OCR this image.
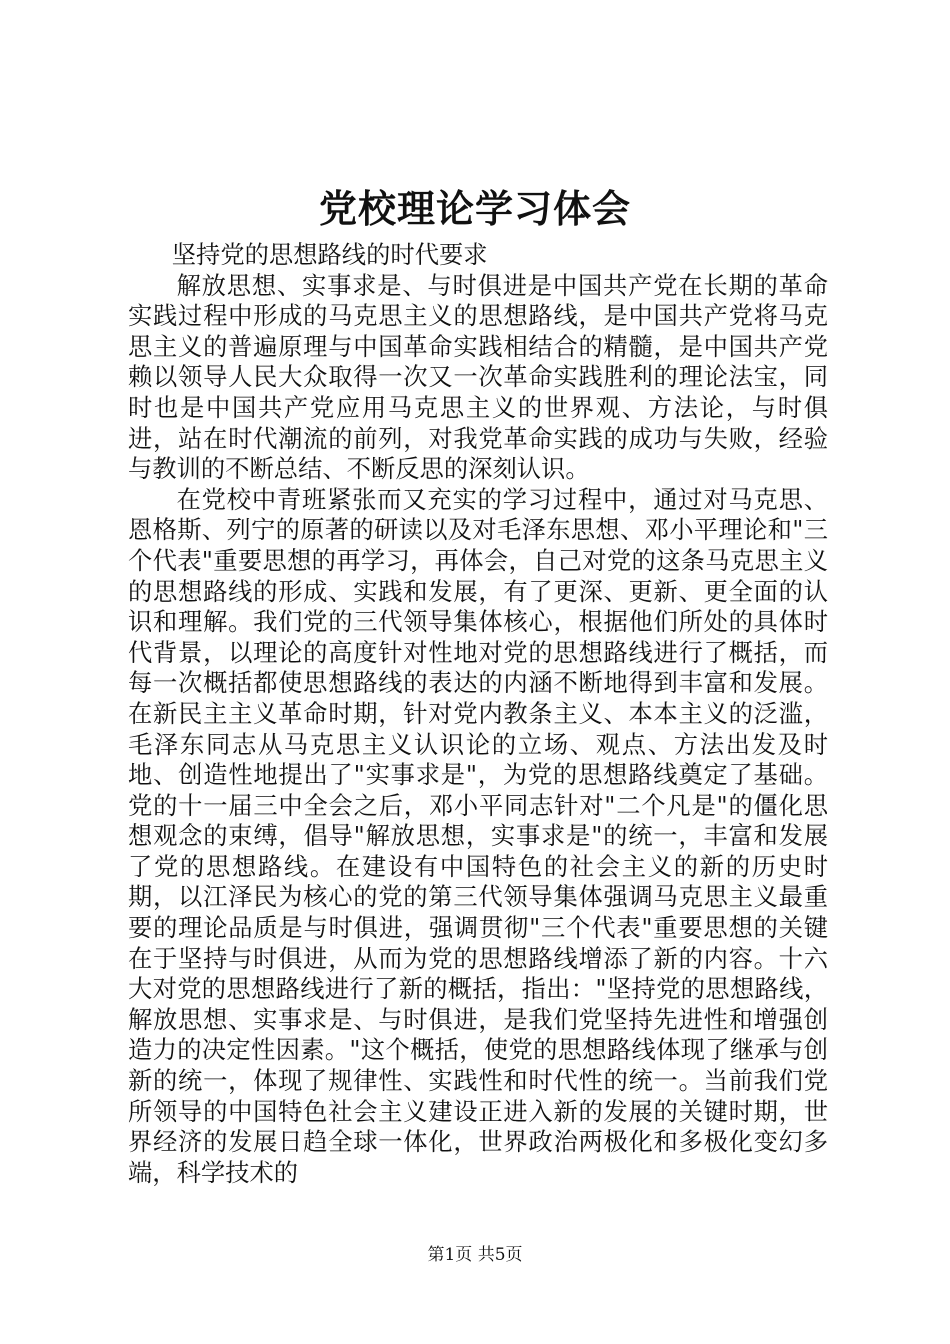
党校理论学习体会

坚持党的思想路线的时代要求

解放思想、实事求是、与时俱进是中国共产党在长期的革命实践过程中形成的马克思主义的思想路线，是中国共产党将马克思主义的普遍原理与中国革命实践相结合的精髓，是中国共产党赖以领导人民大众取得一次又一次革命实践胜利的理论法宝，同时也是中国共产党应用马克思主义的世界观、方法论，与时俱进，站在时代潮流的前列，对我党革命实践的成功与失败，经验与教训的不断总结、不断反思的深刻认识。

在党校中青班紧张而又充实的学习过程中，通过对马克思、恩格斯、列宁的原著的研读以及对毛泽东思想、邓小平理论和"三个代表"重要思想的再学习，再体会，自己对党的这条马克思主义的思想路线的形成、实践和发展，有了更深、更新、更全面的认识和理解。我们党的三代领导集体核心，根据他们所处的具体时代背景，以理论的高度针对性地对党的思想路线进行了概括，而每一次概括都使思想路线的表达的内涵不断地得到丰富和发展。在新民主主义革命时期，针对党内教条主义、本本主义的泛滥，毛泽东同志从马克思主义认识论的立场、观点、方法出发及时地、创造性地提出了"实事求是"，为党的思想路线奠定了基础。党的十一届三中全会之后，邓小平同志针对"二个凡是"的僵化思想观念的束缚，倡导"解放思想，实事求是"的统一，丰富和发展了党的思想路线。在建设有中国特色的社会主义的新的历史时期，以江泽民为核心的党的第三代领导集体强调马克思主义最重要的理论品质是与时俱进，强调贯彻"三个代表"重要思想的关键在于坚持与时俱进，从而为党的思想路线增添了新的内容。十六大对党的思想路线进行了新的概括，指出："坚持党的思想路线，解放思想、实事求是、与时俱进，是我们党坚持先进性和增强创造力的决定性因素。"这个概括，使党的思想路线体现了继承与创新的统一，体现了规律性、实践性和时代性的统一。当前我们党所领导的中国特色社会主义建设正进入新的发展的关键时期，世界经济的发展日趋全球一体化，世界政治两极化和多极化变幻多端，科学技术的

第1页 共5页
